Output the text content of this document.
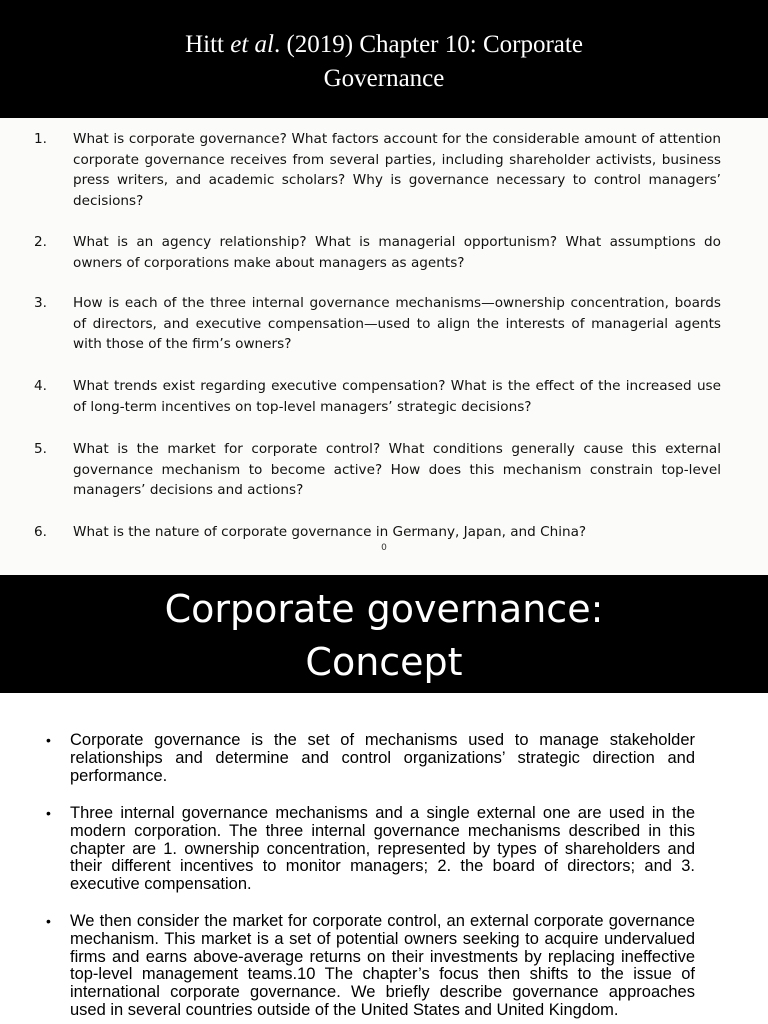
Hitt et al. (2019) Chapter 10: Corporate
Governance
1. What is corporate governance? What factors account for the considerable amount of attention corporate governance receives from several parties, including shareholder activists, business press writers, and academic scholars? Why is governance necessary to control managers’ decisions?
2. What is an agency relationship? What is managerial opportunism? What assumptions do owners of corporations make about managers as agents?
3. How is each of the three internal governance mechanisms—ownership concentration, boards of directors, and executive compensation—used to align the interests of managerial agents with those of the firm’s owners?
4. What trends exist regarding executive compensation? What is the effect of the increased use of long-term incentives on top-level managers’ strategic decisions?
5. What is the market for corporate control? What conditions generally cause this external governance mechanism to become active? How does this mechanism constrain top-level managers’ decisions and actions?
6. What is the nature of corporate governance in Germany, Japan, and China?
0
Corporate governance:
Concept
• Corporate governance is the set of mechanisms used to manage stakeholder relationships and determine and control organizations’ strategic direction and performance.
• Three internal governance mechanisms and a single external one are used in the modern corporation. The three internal governance mechanisms described in this chapter are 1. ownership concentration, represented by types of shareholders and their different incentives to monitor managers; 2. the board of directors; and 3. executive compensation.
• We then consider the market for corporate control, an external corporate governance mechanism. This market is a set of potential owners seeking to acquire undervalued firms and earns above-average returns on their investments by replacing ineffective top-level management teams.10 The chapter’s focus then shifts to the issue of international corporate governance. We briefly describe governance approaches used in several countries outside of the United States and United Kingdom.
